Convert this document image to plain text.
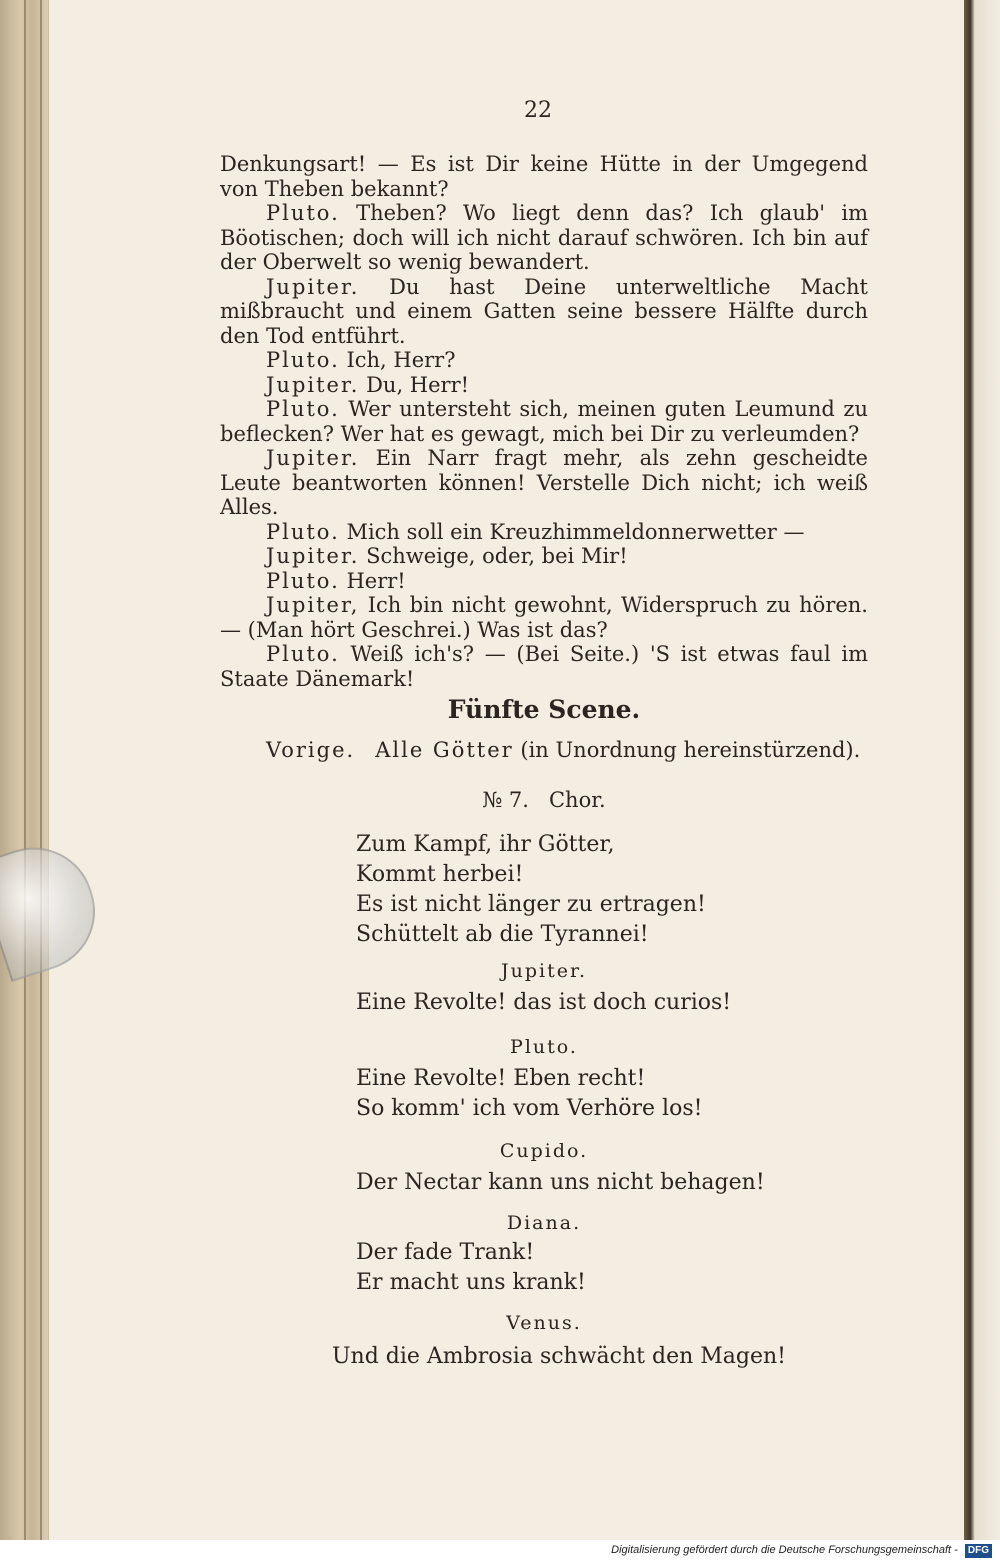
22

Denkungsart! — Es ist Dir keine Hütte in der Umgegend von Theben bekannt?

Pluto. Theben? Wo liegt denn das? Ich glaub' im Böotischen; doch will ich nicht darauf schwören. Ich bin auf der Oberwelt so wenig bewandert.

Jupiter. Du hast Deine unterweltliche Macht mißbraucht und einem Gatten seine bessere Hälfte durch den Tod entführt.

Pluto. Ich, Herr?

Jupiter. Du, Herr!

Pluto. Wer untersteht sich, meinen guten Leumund zu beflecken? Wer hat es gewagt, mich bei Dir zu verleumden?

Jupiter. Ein Narr fragt mehr, als zehn gescheidte Leute beantworten können! Verstelle Dich nicht; ich weiß Alles.

Pluto. Mich soll ein Kreuzhimmeldonnerwetter —

Jupiter. Schweige, oder, bei Mir!

Pluto. Herr!

Jupiter, Ich bin nicht gewohnt, Widerspruch zu hören. — (Man hört Geschrei.) Was ist das?

Pluto. Weiß ich's? — (Bei Seite.) 'S ist etwas faul im Staate Dänemark!

Fünfte Scene.
Vorige. Alle Götter (in Unordnung hereinstürzend).
№ 7. Chor.
Zum Kampf, ihr Götter,
Kommt herbei!
Es ist nicht länger zu ertragen!
Schüttelt ab die Tyrannei!
Jupiter.
Eine Revolte! das ist doch curios!
Pluto.
Eine Revolte! Eben recht!
So komm' ich vom Verhöre los!
Cupido.
Der Nectar kann uns nicht behagen!
Diana.
Der fade Trank!
Er macht uns krank!
Venus.
Und die Ambrosia schwächt den Magen!
Digitalisierung gefördert durch die Deutsche Forschungsgemeinschaft - DFG
